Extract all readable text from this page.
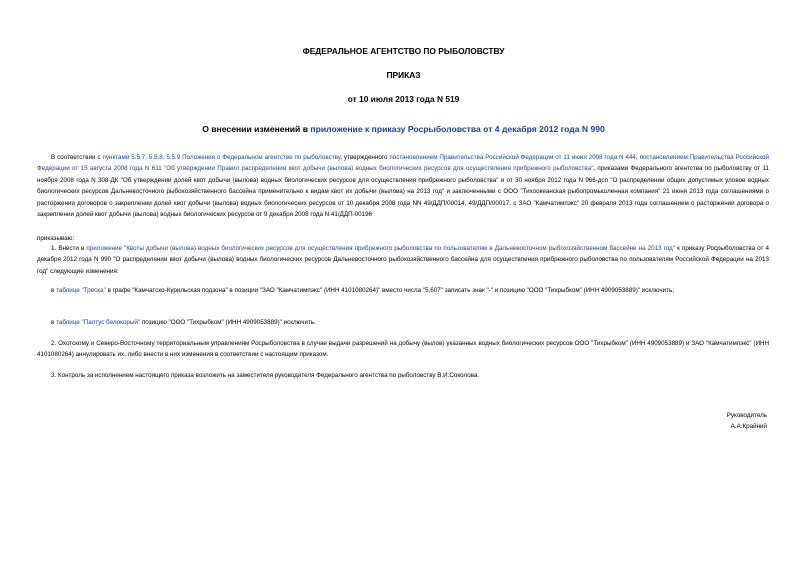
ФЕДЕРАЛЬНОЕ АГЕНТСТВО ПО РЫБОЛОВСТВУ
ПРИКАЗ
от 10 июля 2013 года N 519
О внесении изменений в приложение к приказу Росрыболовства от 4 декабря 2012 года N 990
В соответствии с пунктами 5.5.7, 5.5.8, 5.5.9 Положения о Федеральном агентстве по рыболовству, утвержденного постановлением Правительства Российской Федерации от 11 июня 2008 года N 444, постановлением Правительства Российской Федерации от 15 августа 2008 года N 611 "Об утверждении Правил распределения квот добычи (вылова) водных биологических ресурсов для осуществления прибрежного рыболовства", приказами Федерального агентства по рыболовству от 11 ноября 2008 года N 308-ДК "Об утверждении долей квот добычи (вылова) водных биологических ресурсов для осуществления прибрежного рыболовства" и от 30 ноября 2012 года N 966-дсп "О распределении общих допустимых уловов водных биологических ресурсов Дальневосточного рыбохозяйственного бассейна применительно к видам квот их добычи (вылова) на 2013 год" и заключенными с ООО "Тихоокеанская рыбопромышленная компания" 21 июня 2013 года соглашениями о расторжении договоров о закреплении долей квот добычи (вылова) водных биологических ресурсов от 10 декабря 2008 года NN 49/ДДП/00014, 49/ДДП/00017, с ЗАО "Камчатимпэкс" 20 февраля 2013 года соглашением о расторжении договора о закреплении долей квот добычи (вылова) водных биологических ресурсов от 9 декабря 2008 года N 41/ДДП-00196
приказываю:
1. Внести в приложение "Квоты добычи (вылова) водных биологических ресурсов для осуществления прибрежного рыболовства по пользователям в Дальневосточном рыбохозяйственном бассейне на 2013 год" к приказу Росрыболовства от 4 декабря 2012 года N 990 "О распределении квот добычи (вылова) водных биологических ресурсов Дальневосточного рыбохозяйственного бассейна для осуществления прибрежного рыболовства по пользователям Российской Федерации на 2013 год" следующие изменения:
в таблице "Треска" в графе "Камчатско-Курильская подзона" в позиции "ЗАО "Камчатимпэкс" (ИНН 4101080264)" вместо числа "5,607" записать знак "-" и позицию "ООО "Тихрыбком" (ИНН 4909053889)" исключить;
в таблице "Палтус белокорый" позицию "ООО "Тихрыбком" (ИНН 4909053889)" исключить.
2. Охотскому и Северо-Восточному территориальным управлениям Росрыболовства в случае выдачи разрешений на добычу (вылов) указанных водных биологических ресурсов ООО "Тихрыбком" (ИНН 4909053889) и ЗАО "Камчатимпэкс" (ИНН 4101080264) аннулировать их, либо внести в них изменения в соответствии с настоящим приказом.
3. Контроль за исполнением настоящего приказа возложить на заместителя руководителя Федерального агентства по рыболовству В.И.Соколова.
Руководитель
А.А.Крайний
